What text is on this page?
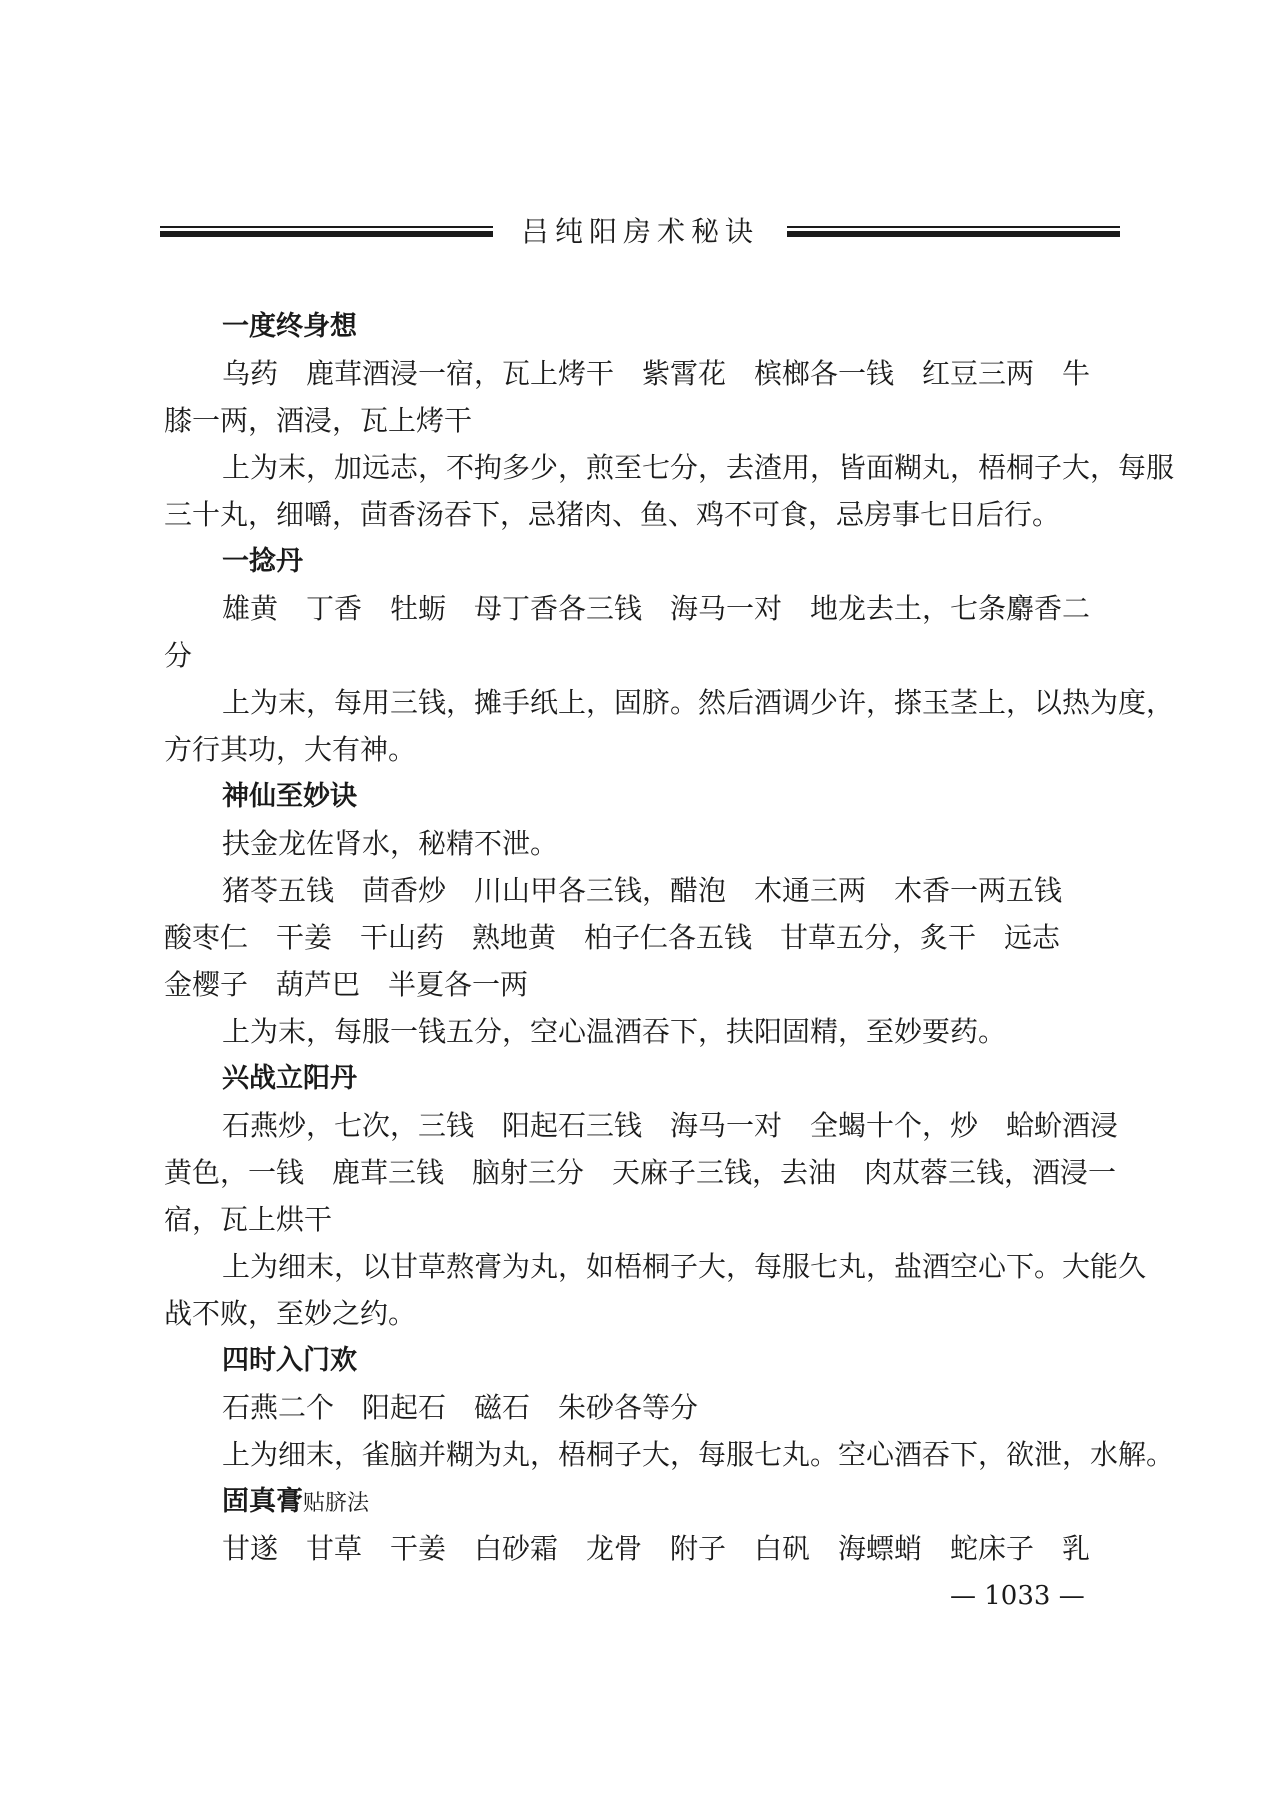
吕纯阳房术秘诀
一度终身想
乌药　鹿茸酒浸一宿，瓦上烤干　紫霄花　槟榔各一钱　红豆三两　牛
膝一两，酒浸，瓦上烤干
上为末，加远志，不拘多少，煎至七分，去渣用，皆面糊丸，梧桐子大，每服
三十丸，细嚼，茴香汤吞下，忌猪肉、鱼、鸡不可食，忌房事七日后行。
一捻丹
雄黄　丁香　牡蛎　母丁香各三钱　海马一对　地龙去土，七条麝香二
分
上为末，每用三钱，摊手纸上，固脐。然后酒调少许，搽玉茎上，以热为度，
方行其功，大有神。
神仙至妙诀
扶金龙佐肾水，秘精不泄。
猪苓五钱　茴香炒　川山甲各三钱，醋泡　木通三两　木香一两五钱
酸枣仁　干姜　干山药　熟地黄　柏子仁各五钱　甘草五分，炙干　远志
金樱子　葫芦巴　半夏各一两
上为末，每服一钱五分，空心温酒吞下，扶阳固精，至妙要药。
兴战立阳丹
石燕炒，七次，三钱　阳起石三钱　海马一对　全蝎十个，炒　蛤蚧酒浸
黄色，一钱　鹿茸三钱　脑射三分　天麻子三钱，去油　肉苁蓉三钱，酒浸一
宿，瓦上烘干
上为细末，以甘草熬膏为丸，如梧桐子大，每服七丸，盐酒空心下。大能久
战不败，至妙之约。
四时入门欢
石燕二个　阳起石　磁石　朱砂各等分
上为细末，雀脑并糊为丸，梧桐子大，每服七丸。空心酒吞下，欲泄，水解。
固真膏贴脐法
甘遂　甘草　干姜　白砂霜　龙骨　附子　白矾　海螵蛸　蛇床子　乳
— 1033 —
